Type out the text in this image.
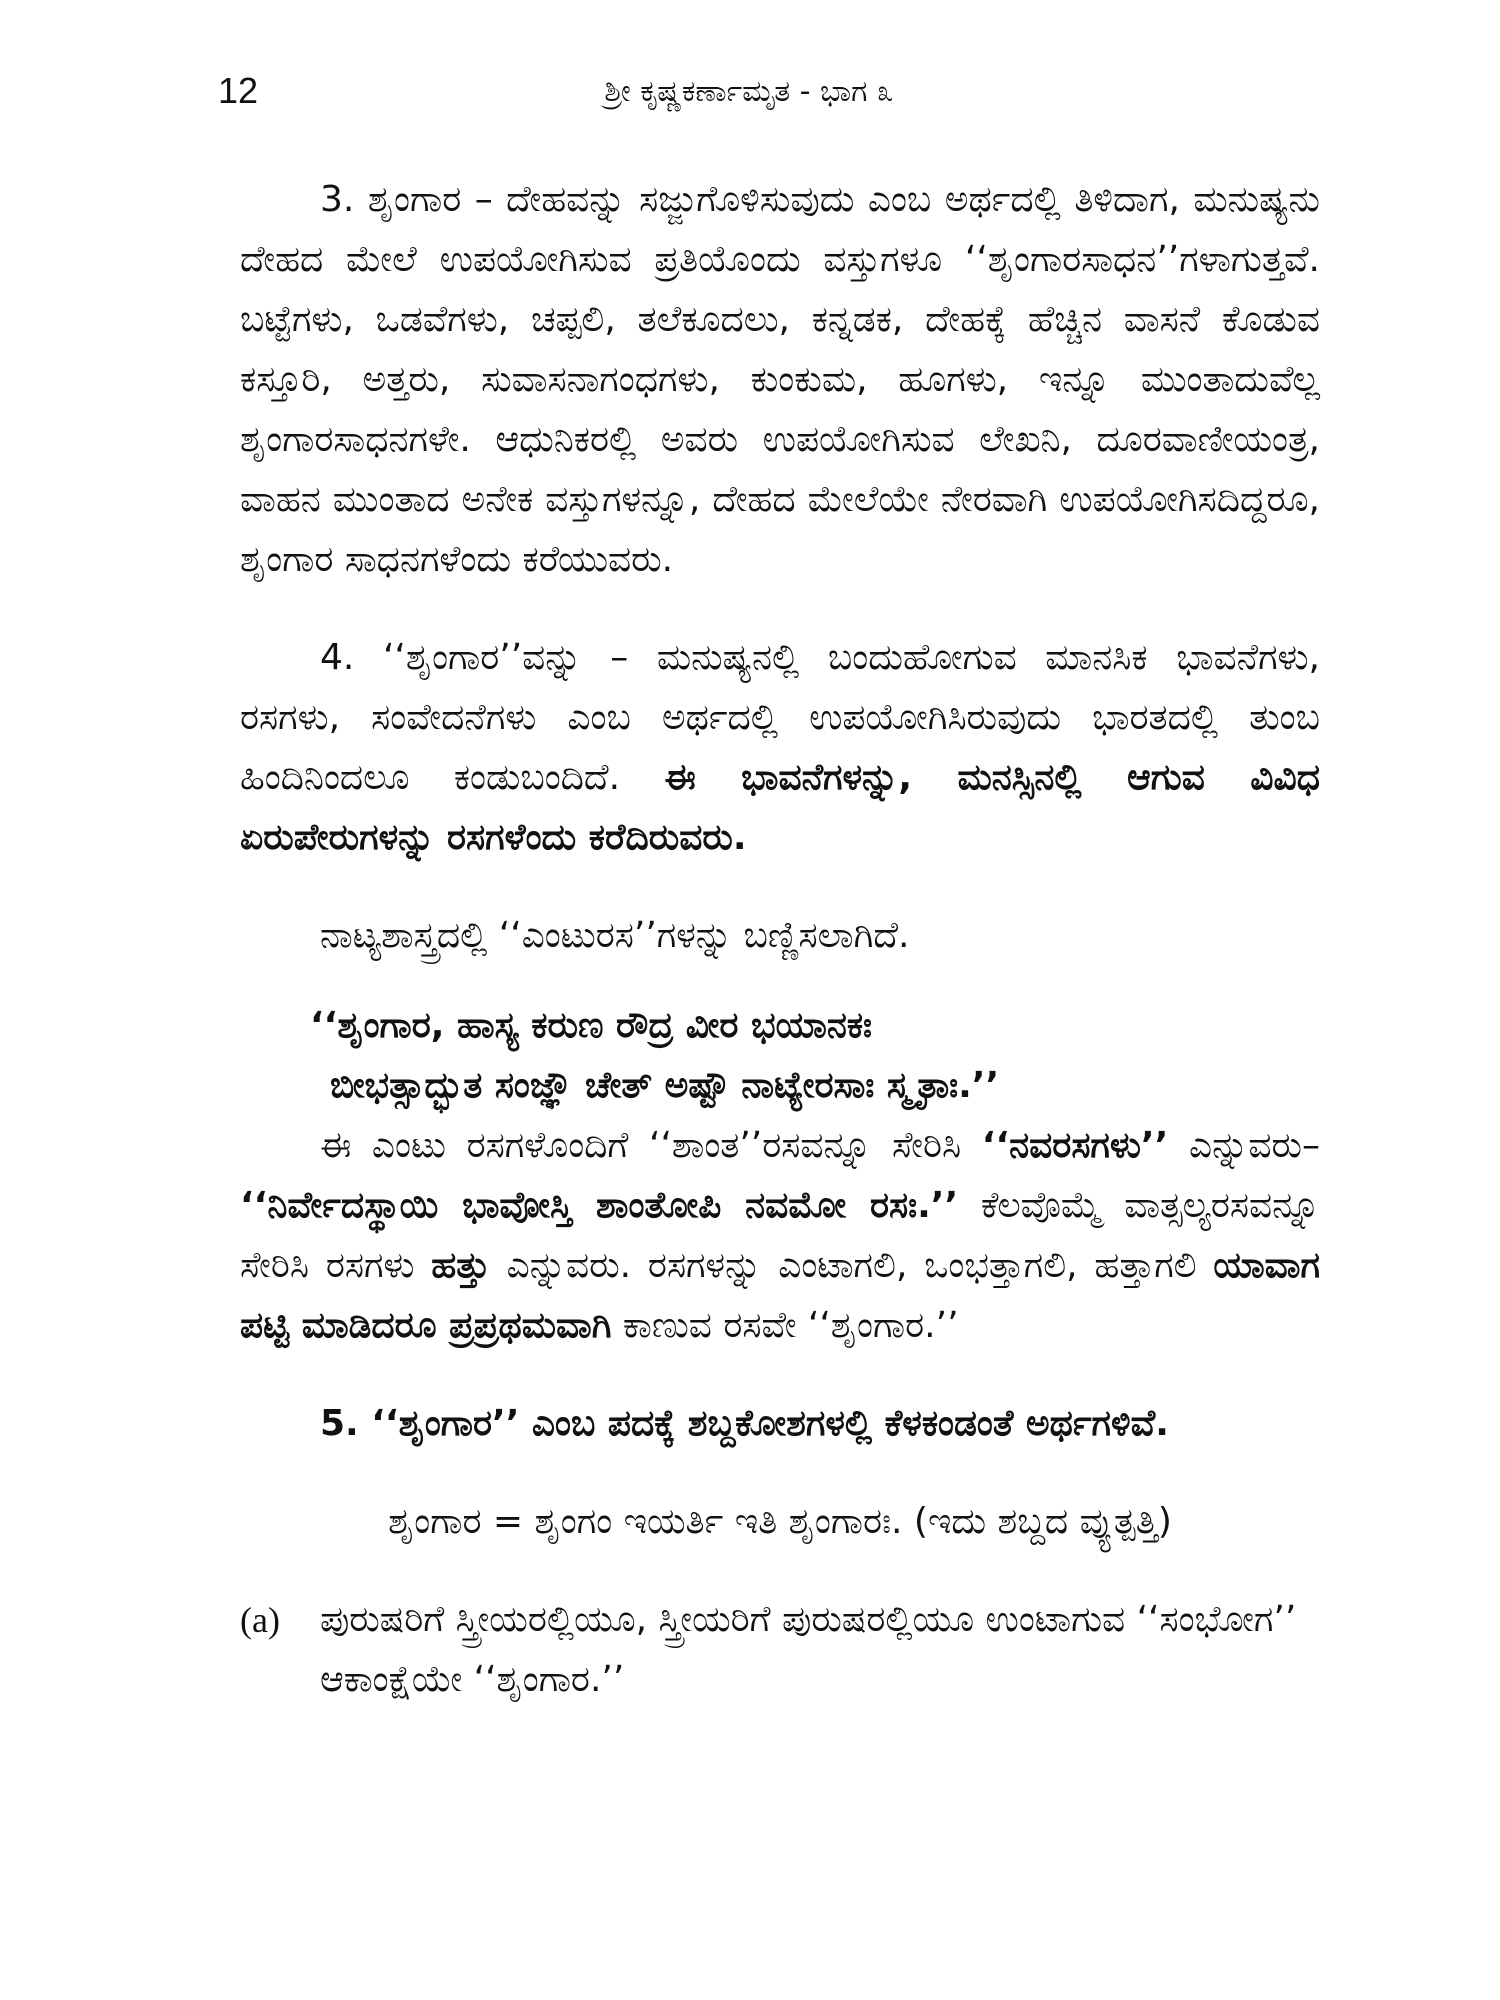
12	ಶ್ರೀ ಕೃಷ್ಣಕರ್ಣಾಮೃತ - ಭಾಗ ೩

3. ಶೃಂಗಾರ – ದೇಹವನ್ನು ಸಜ್ಜುಗೊಳಿಸುವುದು ಎಂಬ ಅರ್ಥದಲ್ಲಿ ತಿಳಿದಾಗ, ಮನುಷ್ಯನು ದೇಹದ ಮೇಲೆ ಉಪಯೋಗಿಸುವ ಪ್ರತಿಯೊಂದು ವಸ್ತುಗಳೂ ‘‘ಶೃಂಗಾರಸಾಧನ’’ಗಳಾಗುತ್ತವೆ. ಬಟ್ಟೆಗಳು, ಒಡವೆಗಳು, ಚಪ್ಪಲಿ, ತಲೆಕೂದಲು, ಕನ್ನಡಕ, ದೇಹಕ್ಕೆ ಹೆಚ್ಚಿನ ವಾಸನೆ ಕೊಡುವ ಕಸ್ತೂರಿ, ಅತ್ತರು, ಸುವಾಸನಾಗಂಧಗಳು, ಕುಂಕುಮ, ಹೂಗಳು, ಇನ್ನೂ ಮುಂತಾದುವೆಲ್ಲ ಶೃಂಗಾರಸಾಧನಗಳೇ. ಆಧುನಿಕರಲ್ಲಿ ಅವರು ಉಪಯೋಗಿಸುವ ಲೇಖನಿ, ದೂರವಾಣೀಯಂತ್ರ, ವಾಹನ ಮುಂತಾದ ಅನೇಕ ವಸ್ತುಗಳನ್ನೂ, ದೇಹದ ಮೇಲೆಯೇ ನೇರವಾಗಿ ಉಪಯೋಗಿಸದಿದ್ದರೂ, ಶೃಂಗಾರ ಸಾಧನಗಳೆಂದು ಕರೆಯುವರು.

4. ‘‘ಶೃಂಗಾರ’’ವನ್ನು – ಮನುಷ್ಯನಲ್ಲಿ ಬಂದುಹೋಗುವ ಮಾನಸಿಕ ಭಾವನೆಗಳು, ರಸಗಳು, ಸಂವೇದನೆಗಳು ಎಂಬ ಅರ್ಥದಲ್ಲಿ ಉಪಯೋಗಿಸಿರುವುದು ಭಾರತದಲ್ಲಿ ತುಂಬ ಹಿಂದಿನಿಂದಲೂ ಕಂಡುಬಂದಿದೆ. ಈ ಭಾವನೆಗಳನ್ನು, ಮನಸ್ಸಿನಲ್ಲಿ ಆಗುವ ವಿವಿಧ ಏರುಪೇರುಗಳನ್ನು ರಸಗಳೆಂದು ಕರೆದಿರುವರು.

ನಾಟ್ಯಶಾಸ್ತ್ರದಲ್ಲಿ ‘‘ಎಂಟುರಸ’’ಗಳನ್ನು ಬಣ್ಣಿಸಲಾಗಿದೆ.

‘‘ಶೃಂಗಾರ, ಹಾಸ್ಯ ಕರುಣ ರೌದ್ರ ವೀರ ಭಯಾನಕಃ
ಬೀಭತ್ಸಾದ್ಭುತ ಸಂಜ್ಞೌ ಚೇತ್ ಅಷ್ಟೌ ನಾಟ್ಯೇರಸಾಃ ಸ್ಮೃತಾಃ.’’

ಈ ಎಂಟು ರಸಗಳೊಂದಿಗೆ ‘‘ಶಾಂತ’’ರಸವನ್ನೂ ಸೇರಿಸಿ ‘‘ನವರಸಗಳು’’ ಎನ್ನುವರು– ‘‘ನಿರ್ವೇದಸ್ಥಾಯಿ ಭಾವೋಸ್ತಿ ಶಾಂತೋಪಿ ನವಮೋ ರಸಃ.’’ ಕೆಲವೊಮ್ಮೆ ವಾತ್ಸಲ್ಯರಸವನ್ನೂ ಸೇರಿಸಿ ರಸಗಳು ಹತ್ತು ಎನ್ನುವರು. ರಸಗಳನ್ನು ಎಂಟಾಗಲಿ, ಒಂಭತ್ತಾಗಲಿ, ಹತ್ತಾಗಲಿ ಯಾವಾಗ ಪಟ್ಟಿ ಮಾಡಿದರೂ ಪ್ರಪ್ರಥಮವಾಗಿ ಕಾಣುವ ರಸವೇ ‘‘ಶೃಂಗಾರ.’’

5. ‘‘ಶೃಂಗಾರ’’ ಎಂಬ ಪದಕ್ಕೆ ಶಬ್ದಕೋಶಗಳಲ್ಲಿ ಕೆಳಕಂಡಂತೆ ಅರ್ಥಗಳಿವೆ.

ಶೃಂಗಾರ = ಶೃಂಗಂ ಇಯರ್ತಿ ಇತಿ ಶೃಂಗಾರಃ. (ಇದು ಶಬ್ದದ ವ್ಯುತ್ಪತ್ತಿ)

(a)	ಪುರುಷರಿಗೆ ಸ್ತ್ರೀಯರಲ್ಲಿಯೂ, ಸ್ತ್ರೀಯರಿಗೆ ಪುರುಷರಲ್ಲಿಯೂ ಉಂಟಾಗುವ ‘‘ಸಂಭೋಗ’’ ಆಕಾಂಕ್ಷೆಯೇ ‘‘ಶೃಂಗಾರ.’’
